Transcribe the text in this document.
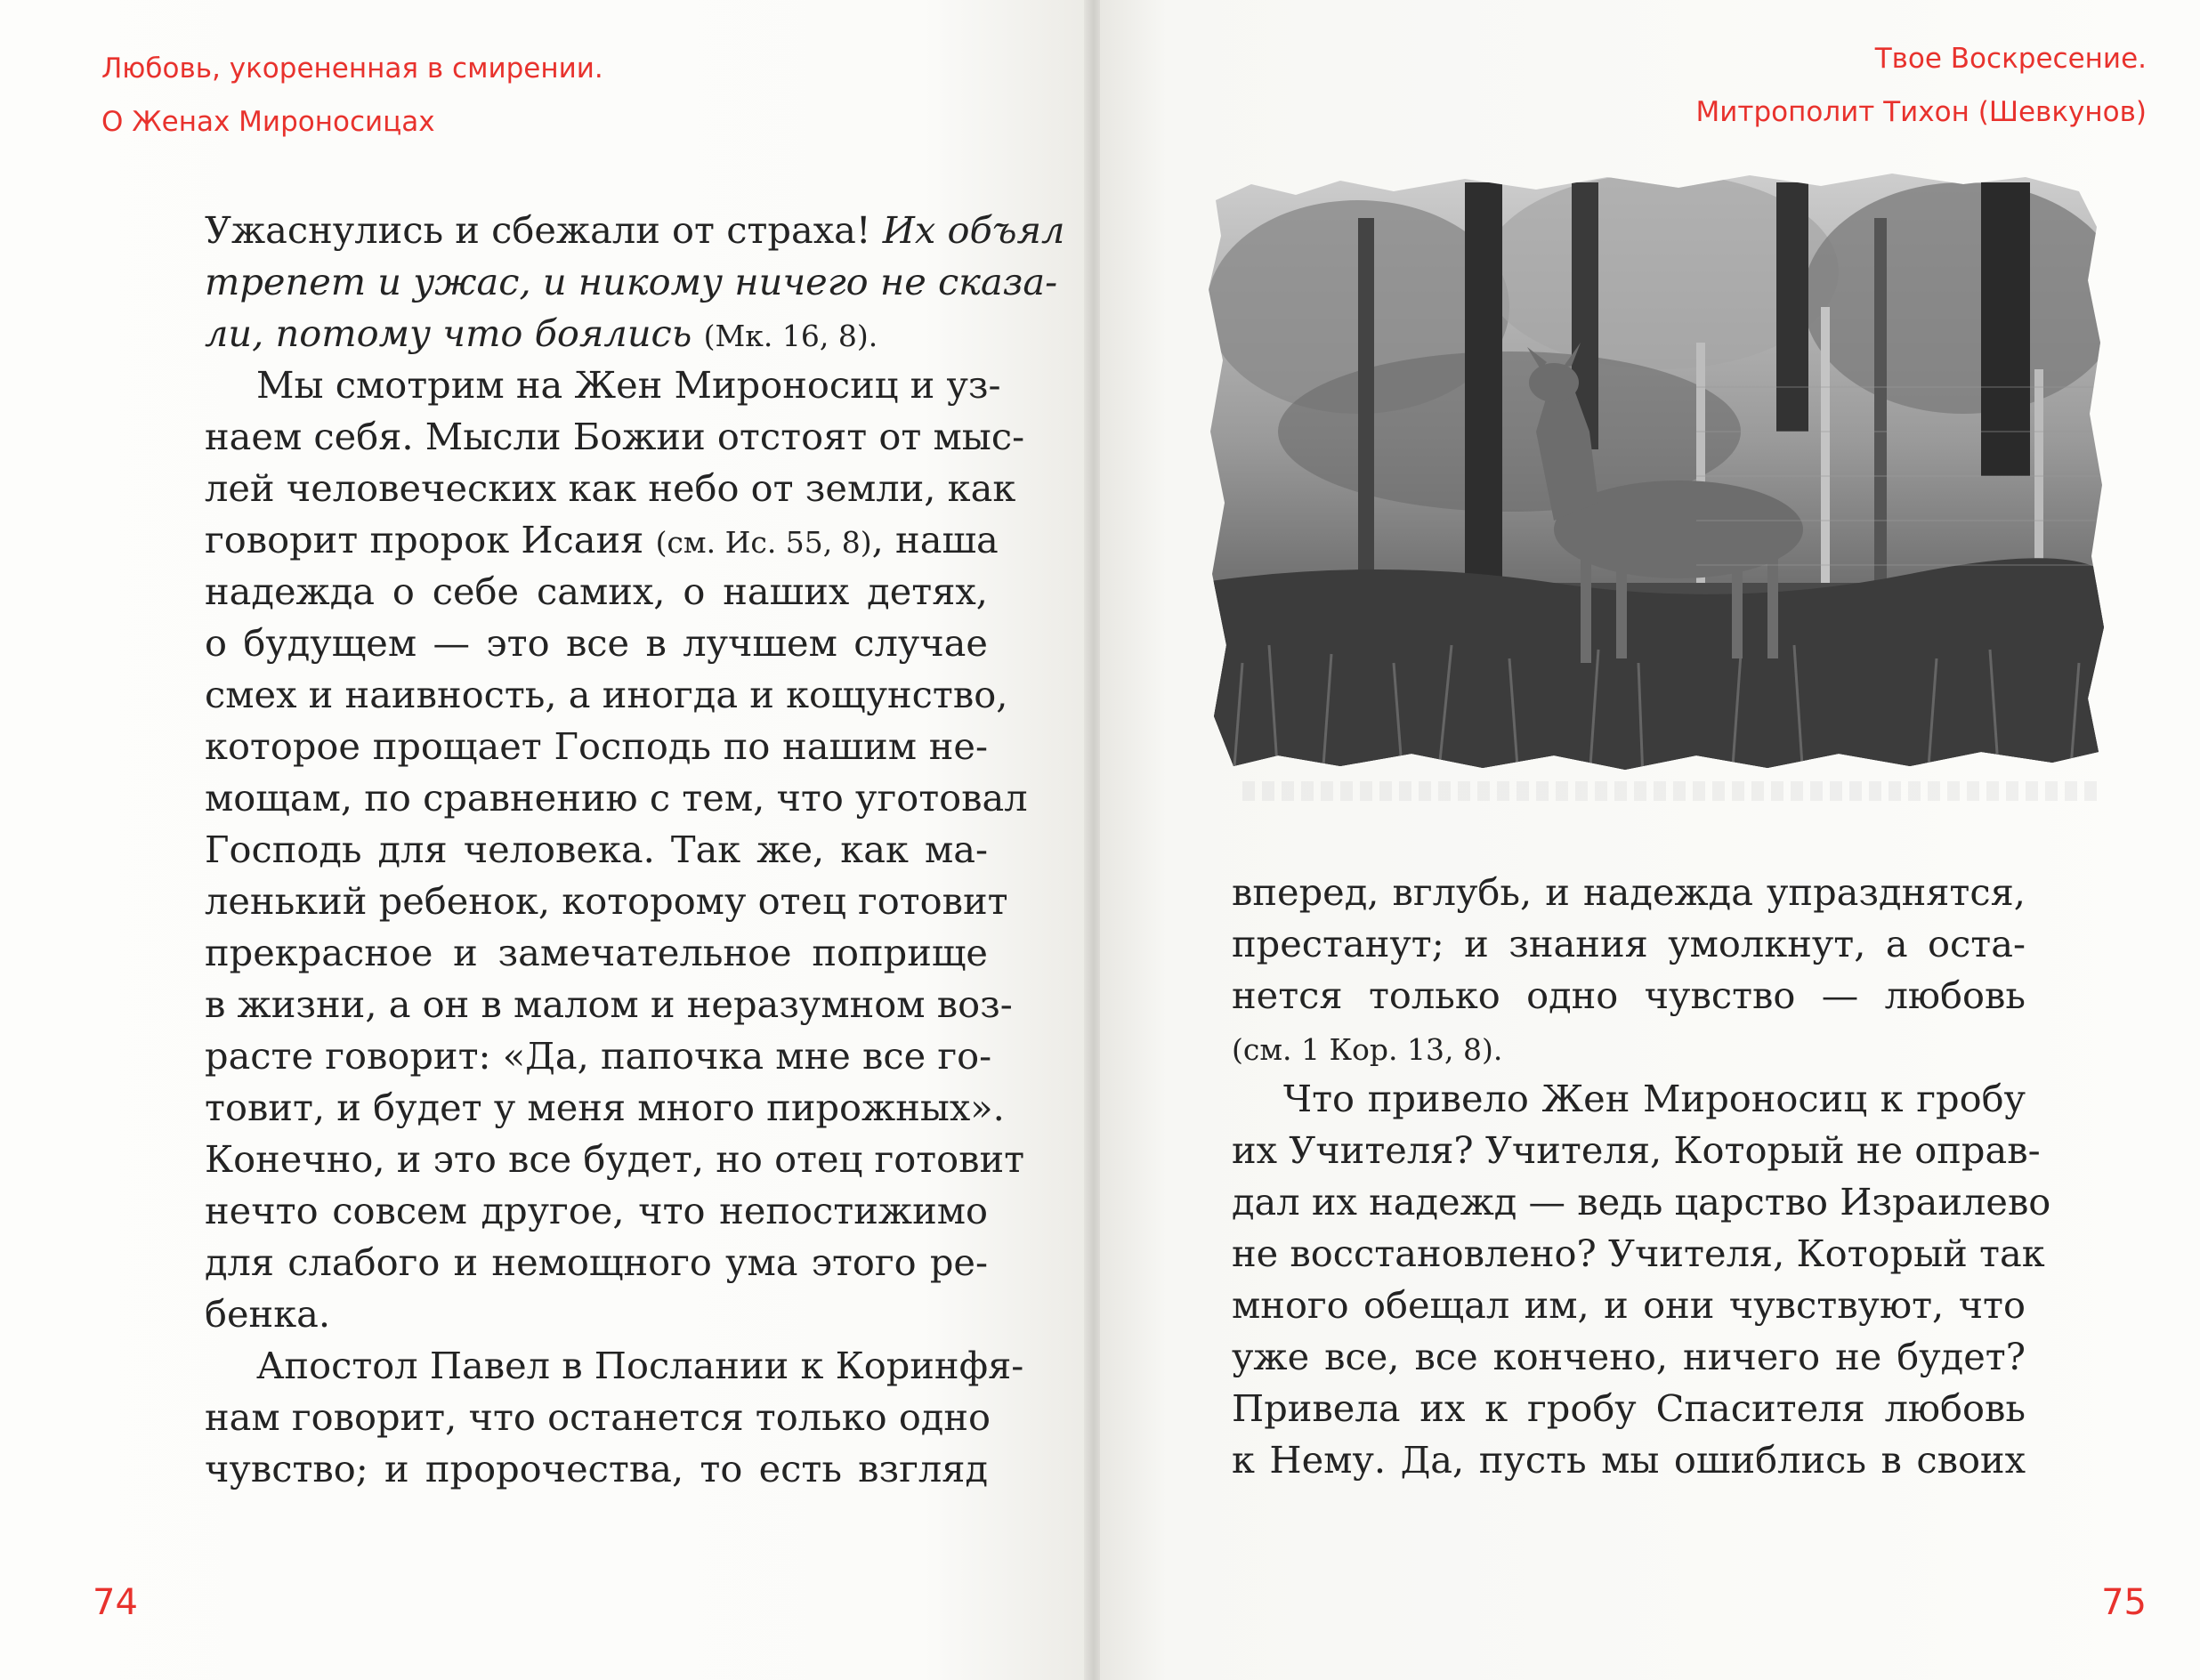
Любовь, укорененная в смирении.
О Женах Мироносицах
Ужаснулись и сбежали от страха! Их объял
трепет и ужас, и никому ничего не сказа-
ли, потому что боялись (Мк. 16, 8).
Мы смотрим на Жен Мироносиц и уз-
наем себя. Мысли Божии отстоят от мыс-
лей человеческих как небо от земли, как
говорит пророк Исаия (см. Ис. 55, 8), наша
надежда о себе самих, о наших детях,
о будущем — это все в лучшем случае
смех и наивность, а иногда и кощунство,
которое прощает Господь по нашим не-
мощам, по сравнению с тем, что уготовал
Господь для человека. Так же, как ма-
ленький ребенок, которому отец готовит
прекрасное и замечательное поприще
в жизни, а он в малом и неразумном воз-
расте говорит: «Да, папочка мне все го-
товит, и будет у меня много пирожных».
Конечно, и это все будет, но отец готовит
нечто совсем другое, что непостижимо
для слабого и немощного ума этого ре-
бенка.
Апостол Павел в Послании к Коринфя-
нам говорит, что останется только одно
чувство; и пророчества, то есть взгляд
74
Твое Воскресение.
Митрополит Тихон (Шевкунов)
вперед, вглубь, и надежда упразднятся,
престанут; и знания умолкнут, а оста-
нется только одно чувство — любовь
(см. 1 Кор. 13, 8).
Что привело Жен Мироносиц к гробу
их Учителя? Учителя, Который не оправ-
дал их надежд — ведь царство Израилево
не восстановлено? Учителя, Который так
много обещал им, и они чувствуют, что
уже все, все кончено, ничего не будет?
Привела их к гробу Спасителя любовь
к Нему. Да, пусть мы ошиблись в своих
75
